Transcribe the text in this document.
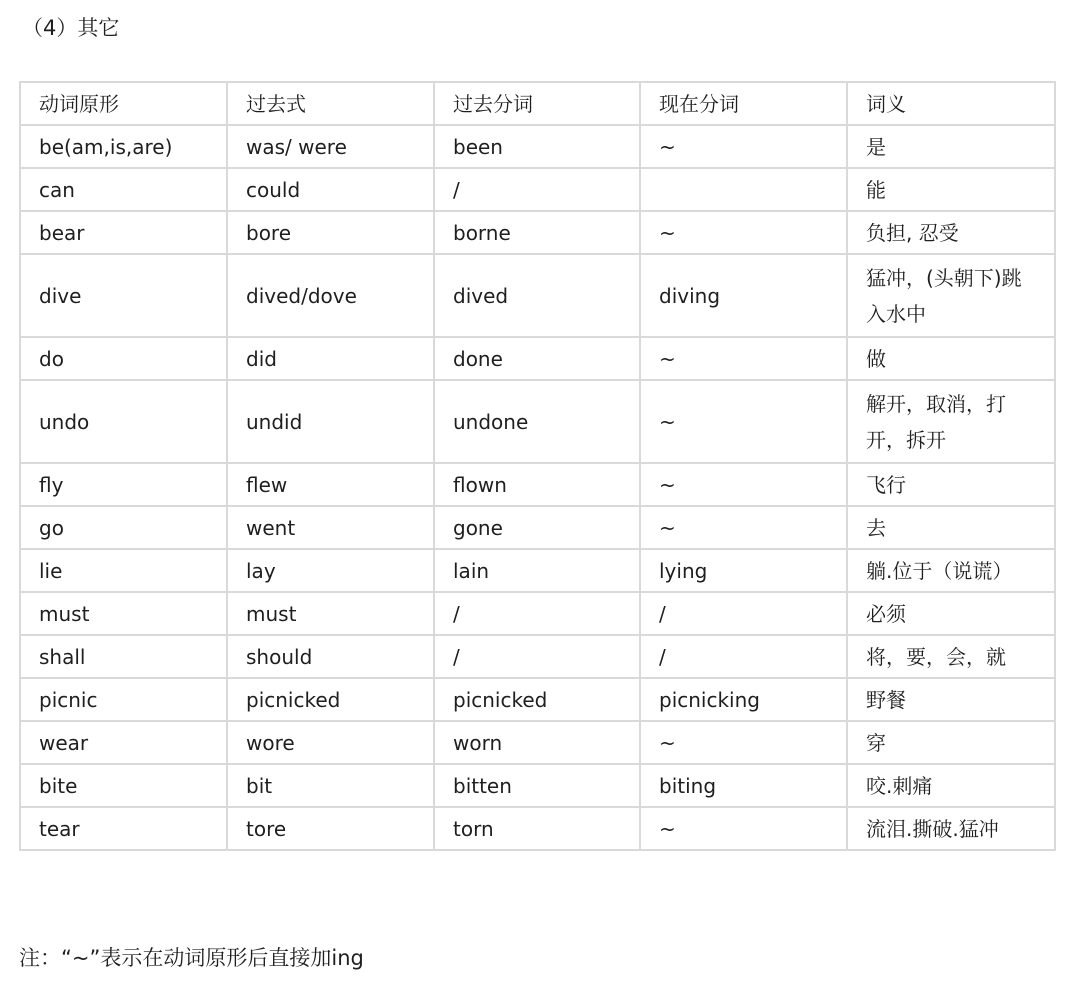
（4）其它
动词原形	过去式	过去分词	现在分词	词义
be(am,is,are)	was/ were	been	~	是
can	could	/		能
bear	bore	borne	~	负担, 忍受
dive	dived/dove	dived	diving	猛冲，(头朝下)跳入水中
do	did	done	~	做
undo	undid	undone	~	解开，取消，打开，拆开
fly	flew	flown	~	飞行
go	went	gone	~	去
lie	lay	lain	lying	躺.位于（说谎）
must	must	/	/	必须
shall	should	/	/	将，要，会，就
picnic	picnicked	picnicked	picnicking	野餐
wear	wore	worn	~	穿
bite	bit	bitten	biting	咬.刺痛
tear	tore	torn	~	流泪.撕破.猛冲
注：“~”表示在动词原形后直接加ing
